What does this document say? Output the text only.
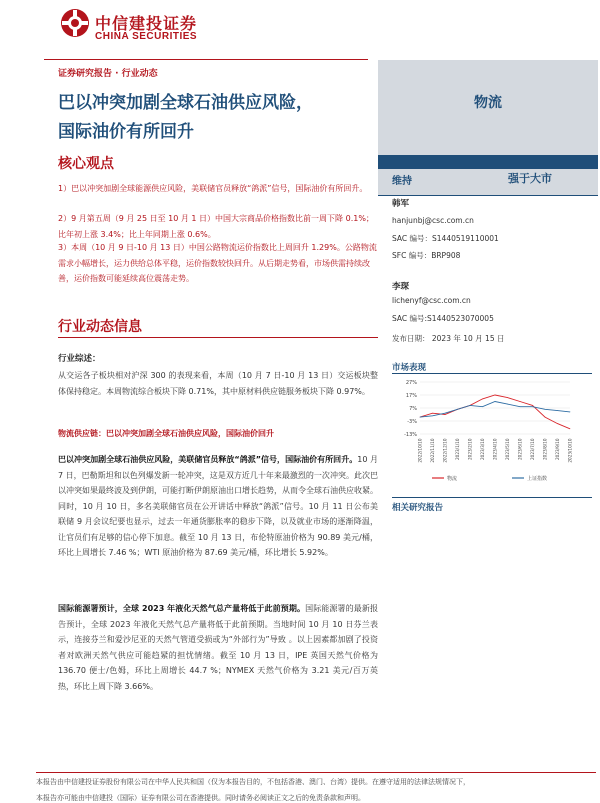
中信建投证券
CHINA SECURITIES
证券研究报告 · 行业动态
巴以冲突加剧全球石油供应风险，
国际油价有所回升
核心观点
1）巴以冲突加剧全球能源供应风险，美联储官员释放“鸽派”信号，国际油价有所回升。
2）9 月第五周（9 月 25 日至 10 月 1 日）中国大宗商品价格指数比前一周下降 0.1%；比年初上涨 3.4%；比上年同期上涨 0.6%。
3）本周（10 月 9 日-10 月 13 日）中国公路物流运价指数比上周回升 1.29%。公路物流需求小幅增长，运力供给总体平稳，运价指数较快回升。从后期走势看，市场供需持续改善，运价指数可能延续高位震荡走势。
行业动态信息
行业综述：
从交运各子板块相对沪深 300 的表现来看，本周（10 月 7 日-10 月 13 日）交运板块整体保持稳定。本周物流综合板块下降 0.71%，其中原材料供应链服务板块下降 0.97%。
物流供应链：巴以冲突加剧全球石油供应风险，国际油价回升
巴以冲突加剧全球石油供应风险，美联储官员释放“鸽派”信号，国际油价有所回升。10 月 7 日，巴勒斯坦和以色列爆发新一轮冲突，这是双方近几十年来最激烈的一次冲突。此次巴以冲突如果最终波及到伊朗，可能打断伊朗原油出口增长趋势，从而令全球石油供应收紧。同时，10 月 10 日，多名美联储官员在公开讲话中释放“鸽派”信号。10 月 11 日公布美联储 9 月会议纪要也显示，过去一年通货膨胀率的稳步下降，以及就业市场的逐渐降温，让官员们有足够的信心停下加息。截至 10 月 13 日，布伦特原油价格为 90.89 美元/桶，环比上周增长 7.46 %；WTI 原油价格为 87.69 美元/桶，环比增长 5.92%。
国际能源署预计，全球 2023 年液化天然气总产量将低于此前预期。国际能源署的最新报告预计，全球 2023 年液化天然气总产量将低于此前预期。当地时间 10 月 10 日芬兰表示，连接芬兰和爱沙尼亚的天然气管道受损或为“外部行为”导致 。以上因素都加剧了投资者对欧洲天然气供应可能趋紧的担忧情绪。截至 10 月 13 日，IPE 英国天然气价格为 136.70 便士/色姆，环比上周增长 44.7 %；NYMEX 天然气价格为 3.21 美元/百万英热，环比上周下降 3.66%。
物流
维持	强于大市
韩军
hanjunbj@csc.com.cn
SAC 编号：S1440519110001
SFC 编号：BRP908
李琛
lichenyf@csc.com.cn
SAC 编号:S1440523070005
发布日期： 2023 年 10 月 15 日
市场表现
27%
17%
7%
-3%
-13%
2022/10/10 2022/11/10 2022/12/10 2023/1/10 2023/2/10 2023/3/10 2023/4/10 2023/5/10 2023/6/10 2023/7/10 2023/8/10 2023/9/10 2023/10/10
物流	上证指数
相关研究报告
本报告由中信建投证券股份有限公司在中华人民共和国（仅为本报告目的，不包括香港、澳门、台湾）提供。在遵守适用的法律法规情况下，
本报告亦可能由中信建投（国际）证券有限公司在香港提供。同时请务必阅读正文之后的免责条款和声明。
